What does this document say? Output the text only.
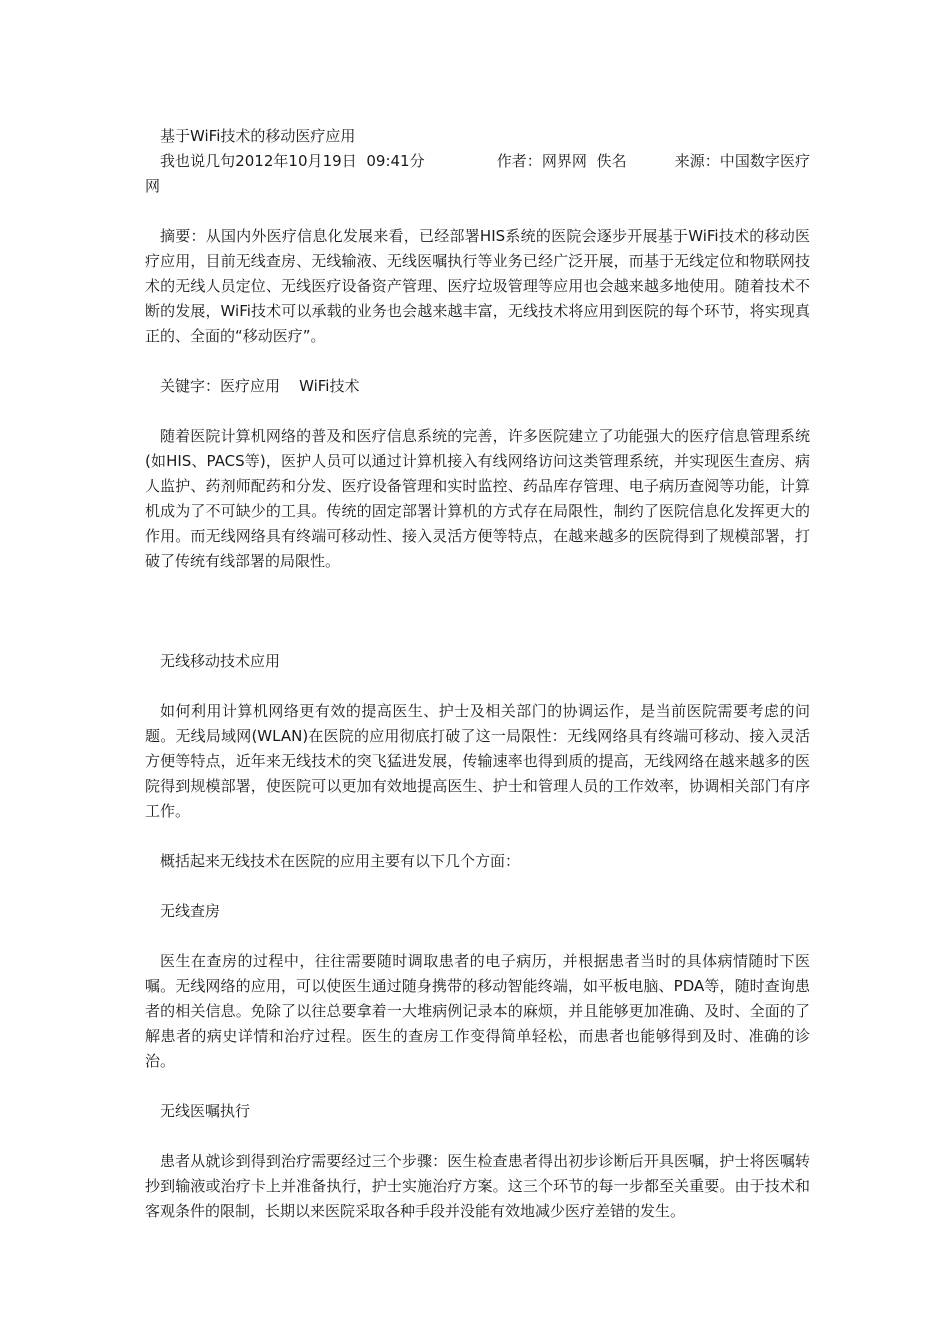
基于WiFi技术的移动医疗应用

我也说几句2012年10月19日  09:41分	作者：网界网  佚名	来源：中国数字医疗网

摘要：从国内外医疗信息化发展来看，已经部署HIS系统的医院会逐步开展基于WiFi技术的移动医疗应用，目前无线查房、无线输液、无线医嘱执行等业务已经广泛开展，而基于无线定位和物联网技术的无线人员定位、无线医疗设备资产管理、医疗垃圾管理等应用也会越来越多地使用。随着技术不断的发展，WiFi技术可以承载的业务也会越来越丰富，无线技术将应用到医院的每个环节，将实现真正的、全面的“移动医疗”。

关键字：医疗应用    WiFi技术

随着医院计算机网络的普及和医疗信息系统的完善，许多医院建立了功能强大的医疗信息管理系统(如HIS、PACS等)，医护人员可以通过计算机接入有线网络访问这类管理系统，并实现医生查房、病人监护、药剂师配药和分发、医疗设备管理和实时监控、药品库存管理、电子病历查阅等功能，计算机成为了不可缺少的工具。传统的固定部署计算机的方式存在局限性，制约了医院信息化发挥更大的作用。而无线网络具有终端可移动性、接入灵活方便等特点，在越来越多的医院得到了规模部署，打破了传统有线部署的局限性。

无线移动技术应用

如何利用计算机网络更有效的提高医生、护士及相关部门的协调运作，是当前医院需要考虑的问题。无线局域网(WLAN)在医院的应用彻底打破了这一局限性：无线网络具有终端可移动、接入灵活方便等特点，近年来无线技术的突飞猛进发展，传输速率也得到质的提高，无线网络在越来越多的医院得到规模部署，使医院可以更加有效地提高医生、护士和管理人员的工作效率，协调相关部门有序工作。

概括起来无线技术在医院的应用主要有以下几个方面：

无线查房

医生在查房的过程中，往往需要随时调取患者的电子病历，并根据患者当时的具体病情随时下医嘱。无线网络的应用，可以使医生通过随身携带的移动智能终端，如平板电脑、PDA等，随时查询患者的相关信息。免除了以往总要拿着一大堆病例记录本的麻烦，并且能够更加准确、及时、全面的了解患者的病史详情和治疗过程。医生的查房工作变得简单轻松，而患者也能够得到及时、准确的诊治。

无线医嘱执行

患者从就诊到得到治疗需要经过三个步骤：医生检查患者得出初步诊断后开具医嘱，护士将医嘱转抄到输液或治疗卡上并准备执行，护士实施治疗方案。这三个环节的每一步都至关重要。由于技术和客观条件的限制，长期以来医院采取各种手段并没能有效地减少医疗差错的发生。
